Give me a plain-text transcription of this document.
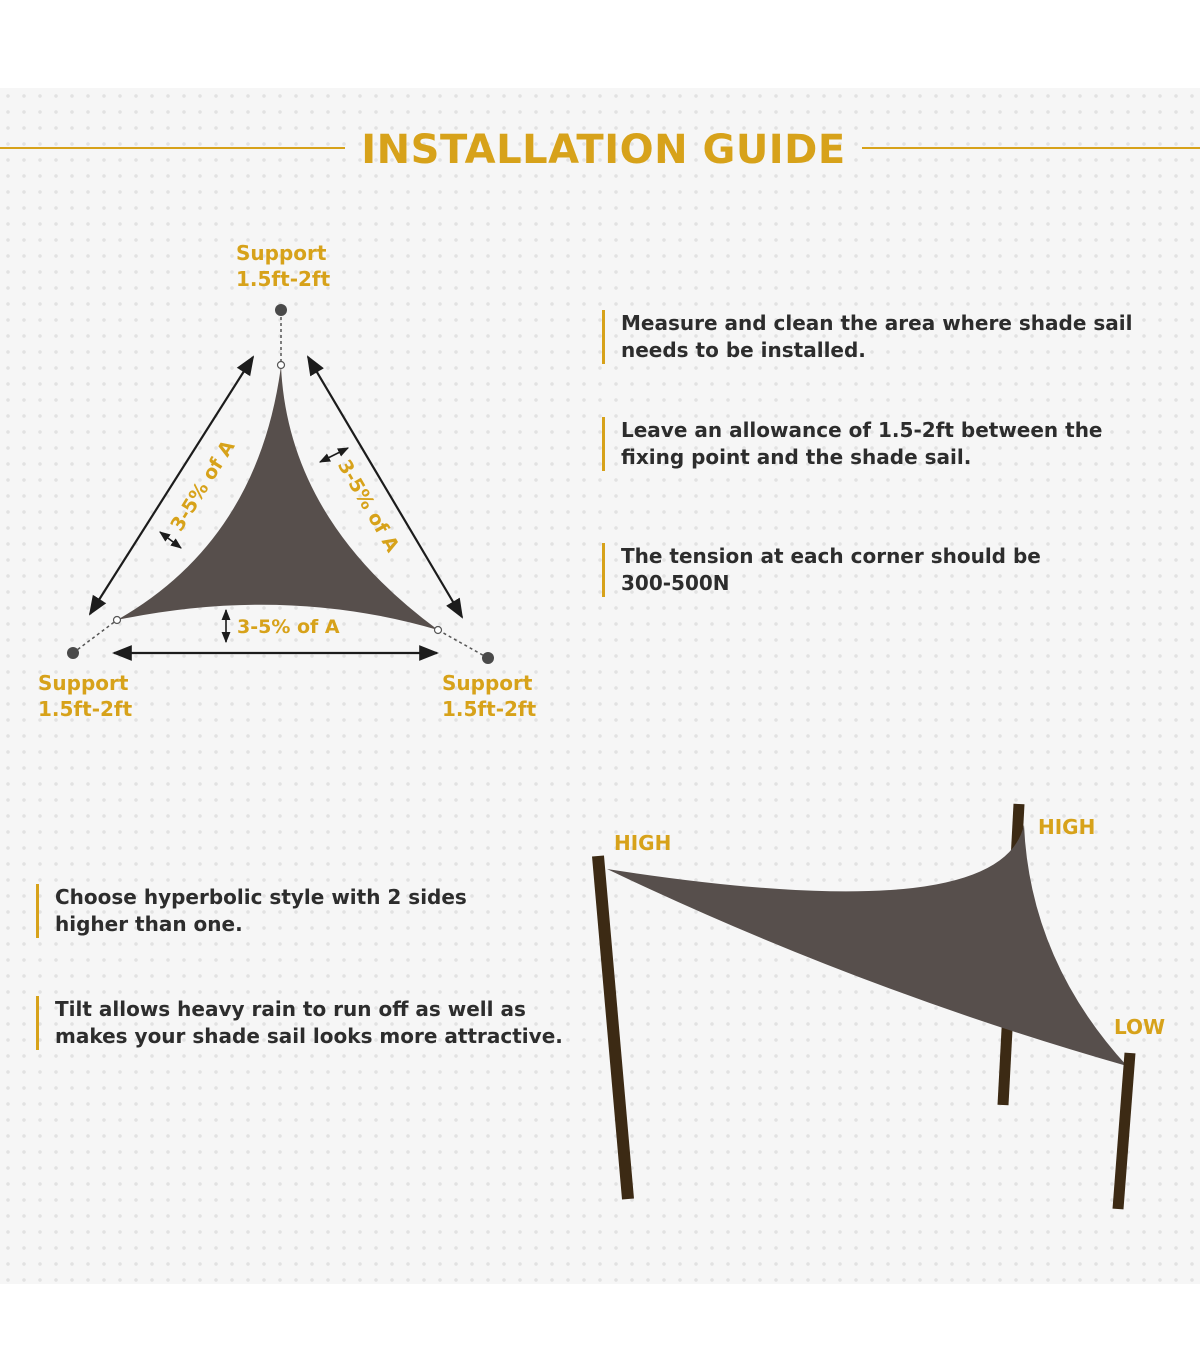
INSTALLATION GUIDE
3-5% of A	3-5% of A
3-5% of A
Support
1.5ft-2ft
Support
1.5ft-2ft
Support
1.5ft-2ft
HIGH
HIGH
LOW
Measure and clean the area where shade sail
needs to be installed.
Leave an allowance of 1.5-2ft between the
fixing point and the shade sail.
The tension at each corner should be
300-500N
Choose hyperbolic style with 2 sides
higher than one.
Tilt allows heavy rain to run off as well as
makes your shade sail looks more attractive.
